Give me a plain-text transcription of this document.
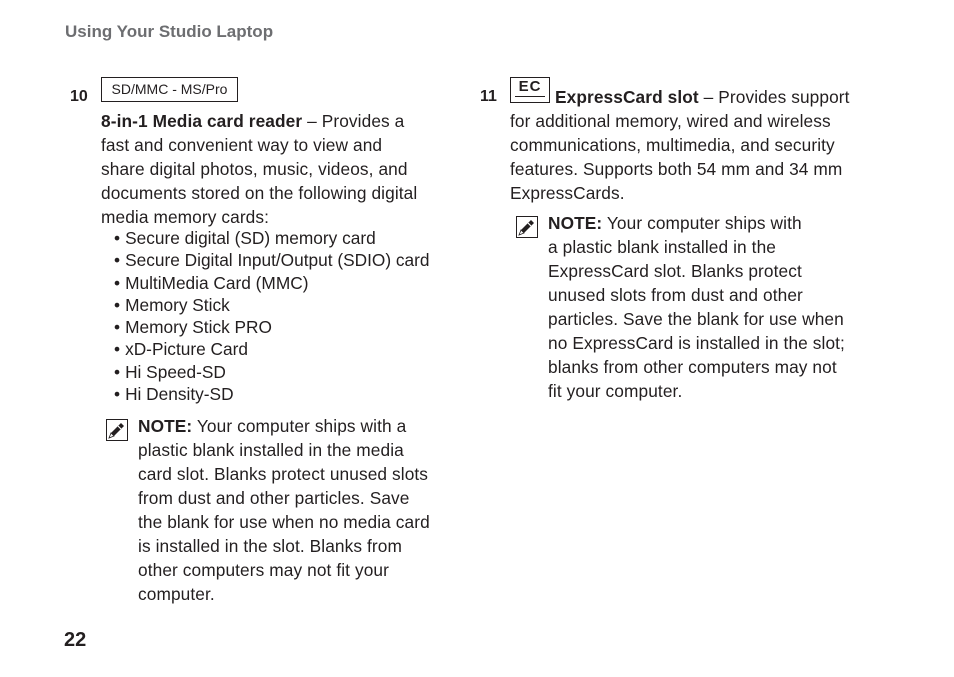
Using Your Studio Laptop
10	SD/MMC - MS/Pro
8-in-1 Media card reader – Provides a
fast and convenient way to view and
share digital photos, music, videos, and
documents stored on the following digital
media memory cards:
• Secure digital (SD) memory card
• Secure Digital Input/Output (SDIO) card
• MultiMedia Card (MMC)
• Memory Stick
• Memory Stick PRO
• xD-Picture Card
• Hi Speed-SD
• Hi Density-SD
NOTE: Your computer ships with a
plastic blank installed in the media
card slot. Blanks protect unused slots
from dust and other particles. Save
the blank for use when no media card
is installed in the slot. Blanks from
other computers may not fit your
computer.
11
EC
ExpressCard slot – Provides support
for additional memory, wired and wireless
communications, multimedia, and security
features. Supports both 54 mm and 34 mm
ExpressCards.
NOTE: Your computer ships with
a plastic blank installed in the
ExpressCard slot. Blanks protect
unused slots from dust and other
particles. Save the blank for use when
no ExpressCard is installed in the slot;
blanks from other computers may not
fit your computer.
22
